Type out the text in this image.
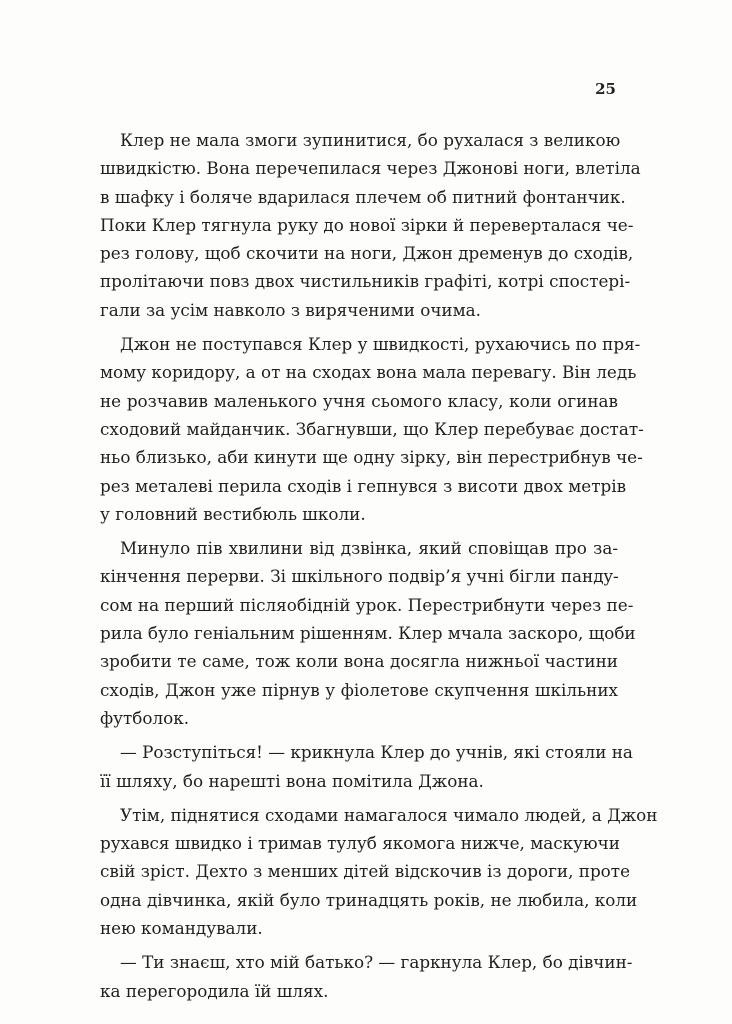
25
Клер не мала змоги зупинитися, бо рухалася з великою
швидкістю. Вона перечепилася через Джонові ноги, влетіла
в шафку і боляче вдарилася плечем об питний фонтанчик.
Поки Клер тягнула руку до нової зірки й переверталася че-
рез голову, щоб скочити на ноги, Джон дременув до сходів,
пролітаючи повз двох чистильників графіті, котрі спостері-
гали за усім навколо з виряченими очима.
Джон не поступався Клер у швидкості, рухаючись по пря-
мому коридору, а от на сходах вона мала перевагу. Він ледь
не розчавив маленького учня сьомого класу, коли огинав
сходовий майданчик. Збагнувши, що Клер перебуває достат-
ньо близько, аби кинути ще одну зірку, він перестрибнув че-
рез металеві перила сходів і гепнувся з висоти двох метрів
у головний вестибюль школи.
Минуло пів хвилини від дзвінка, який сповіщав про за-
кінчення перерви. Зі шкільного подвір’я учні бігли пандy-
сом на перший післяобідній урок. Перестрибнути через пе-
рила було геніальним рішенням. Клер мчала заскоро, щоби
зробити те саме, тож коли вона досягла нижньої частини
сходів, Джон уже пірнув у фіолетове скупчення шкільних
футболок.
— Розступіться! — крикнула Клер до учнів, які стояли на
її шляху, бо нарешті вона помітила Джона.
Утім, піднятися сходами намагалося чимало людей, а Джон
рухався швидко і тримав тулуб якомога нижче, маскуючи
свій зріст. Дехто з менших дітей відскочив із дороги, проте
одна дівчинка, якій було тринадцять років, не любила, коли
нею командували.
— Ти знаєш, хто мій батько? — гаркнула Клер, бо дівчин-
ка перегородила їй шлях.
